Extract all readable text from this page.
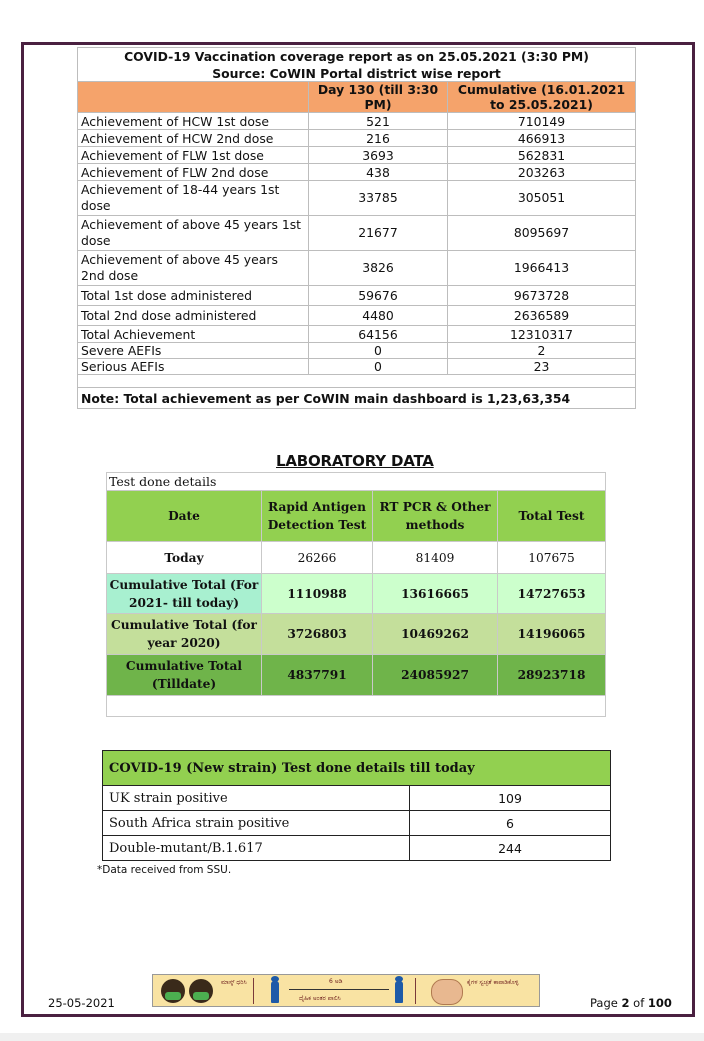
COVID-19 Vaccination coverage report as on 25.05.2021 (3:30 PM)		
Source: CoWIN Portal district wise report		
	Day 130 (till 3:30 PM)	Cumulative (16.01.2021 to 25.05.2021)
Achievement of HCW 1st dose	521	710149
Achievement of HCW 2nd dose	216	466913
Achievement of FLW 1st dose	3693	562831
Achievement of FLW 2nd dose	438	203263
Achievement of 18-44 years 1st dose	33785	305051
Achievement of above 45 years 1st dose	21677	8095697
Achievement of above 45 years 2nd dose	3826	1966413
Total 1st dose administered	59676	9673728
Total 2nd dose administered	4480	2636589
Total Achievement	64156	12310317
Severe AEFIs	0	2
Serious AEFIs	0	23

Note: Total achievement as per CoWIN main dashboard is 1,23,63,354		
LABORATORY DATA
Test done details			
Date	Rapid Antigen Detection Test	RT PCR & Other methods	Total Test
Today	26266	81409	107675
Cumulative Total (For 2021- till today)	1110988	13616665	14727653
Cumulative Total (for year 2020)	3726803	10469262	14196065
Cumulative Total (Tilldate)	4837791	24085927	28923718

COVID-19 (New strain) Test done details till today	
UK strain positive	109
South Africa strain positive	6
Double-mutant/B.1.617	244
*Data received from SSU.
25-05-2021
ಮಾಸ್ಕ್ ಧರಿಸಿ	6 ಅಡಿ
ದೈಹಿಕ ಅಂತರ ಪಾಲಿಸಿ
ಕೈಗಳ ಸ್ವಚ್ಛತೆ ಕಾಪಾಡಿಕೊಳ್ಳಿ
Page 2 of 100
